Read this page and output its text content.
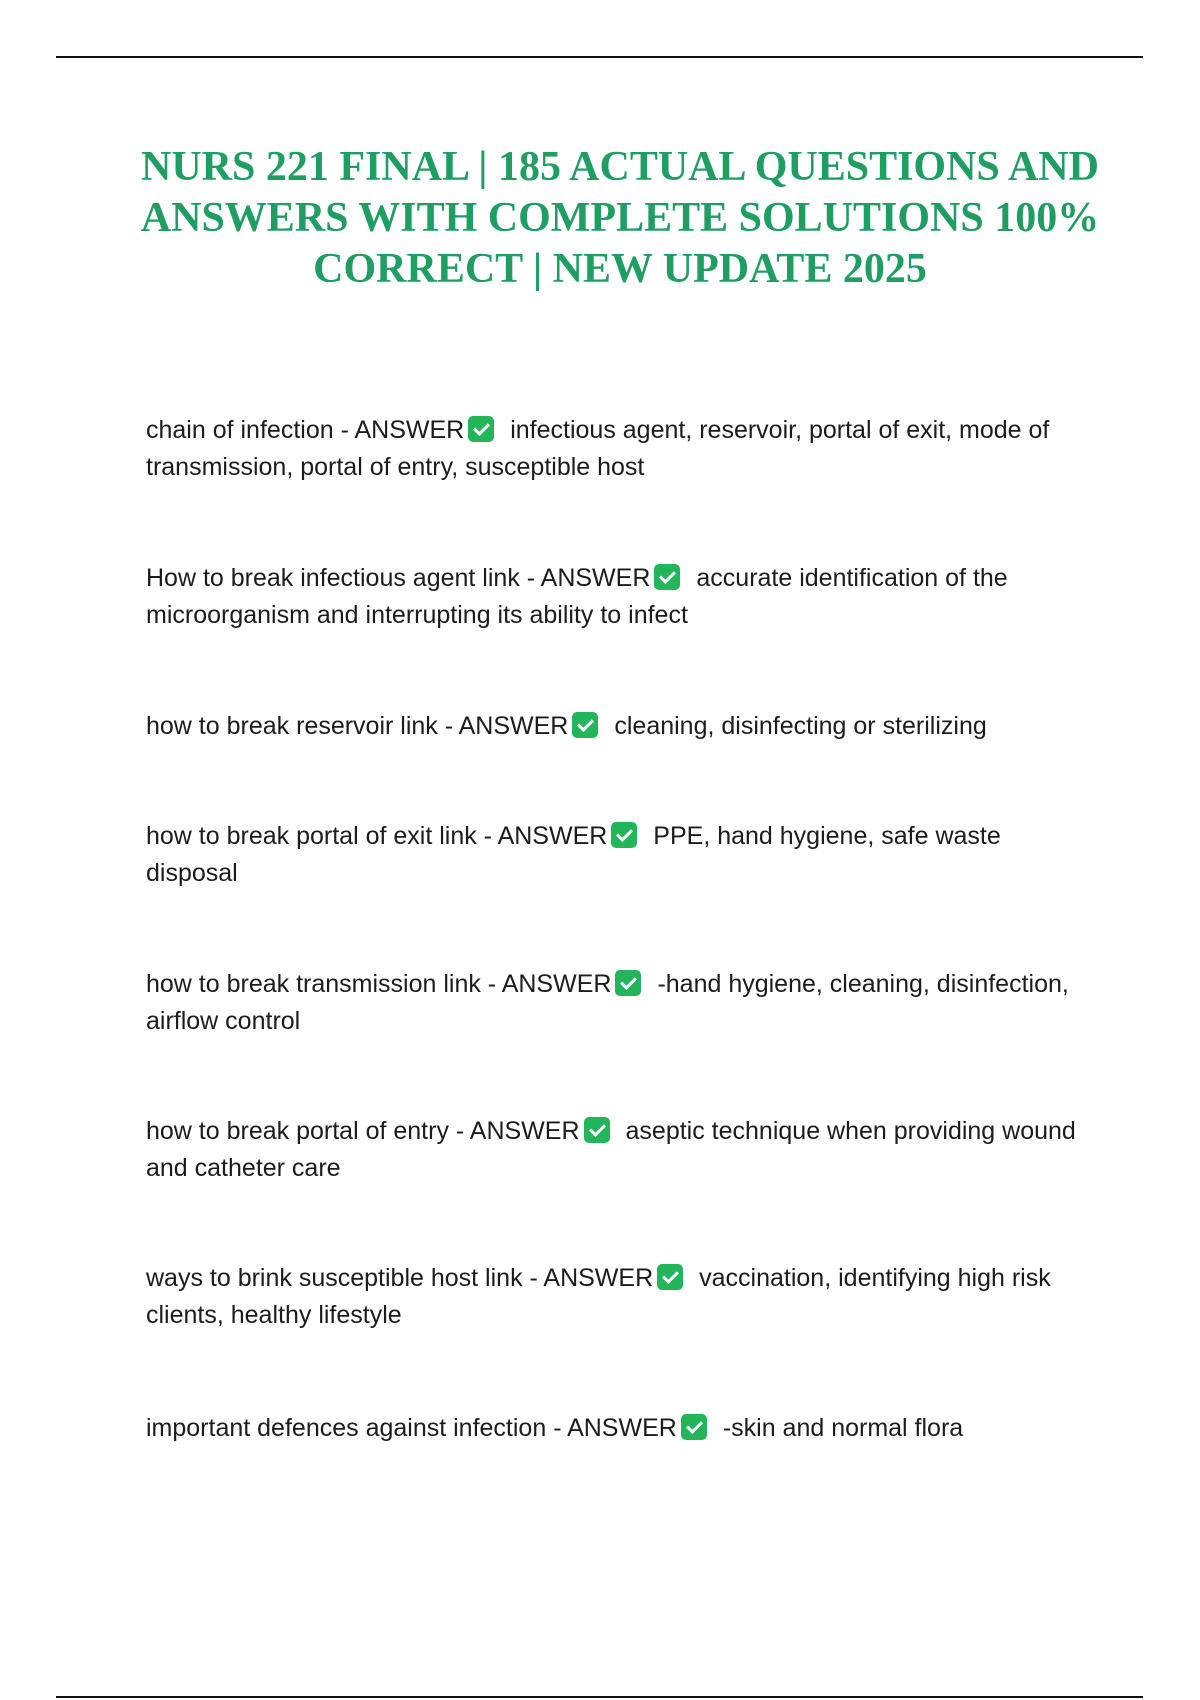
NURS 221 FINAL | 185 ACTUAL QUESTIONS AND ANSWERS WITH COMPLETE SOLUTIONS 100% CORRECT | NEW UPDATE 2025
chain of infection - ANSWER infectious agent, reservoir, portal of exit, mode of transmission, portal of entry, susceptible host
How to break infectious agent link - ANSWER accurate identification of the microorganism and interrupting its ability to infect
how to break reservoir link - ANSWER cleaning, disinfecting or sterilizing
how to break portal of exit link - ANSWER PPE, hand hygiene, safe waste disposal
how to break transmission link - ANSWER -hand hygiene, cleaning, disinfection, airflow control
how to break portal of entry - ANSWER aseptic technique when providing wound and catheter care
ways to brink susceptible host link - ANSWER vaccination, identifying high risk clients, healthy lifestyle
important defences against infection - ANSWER -skin and normal flora
